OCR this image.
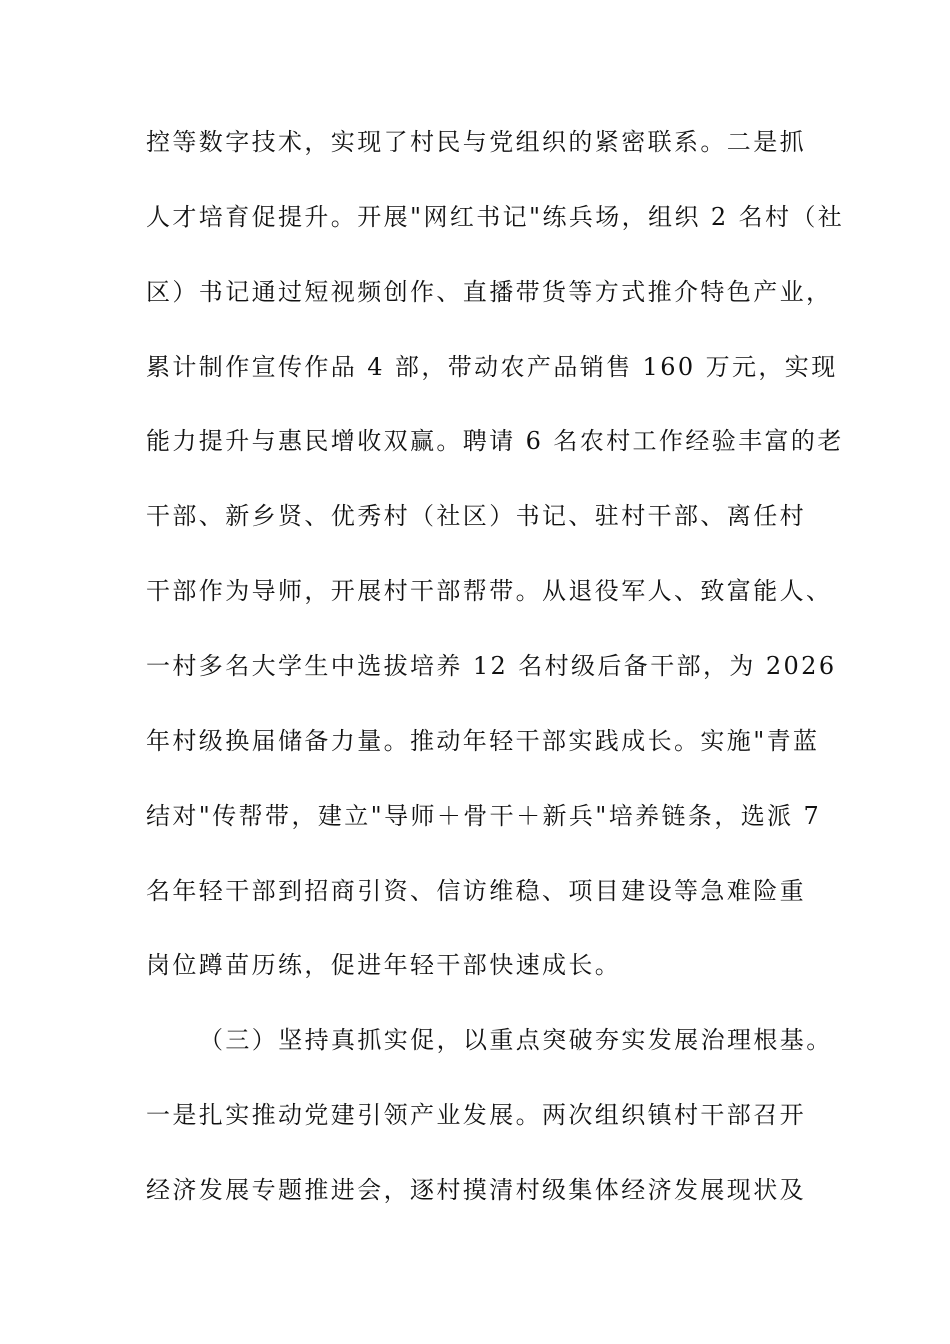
控等数字技术，实现了村民与党组织的紧密联系。二是抓
人才培育促提升。开展"网红书记"练兵场，组织 2 名村（社
区）书记通过短视频创作、直播带货等方式推介特色产业，
累计制作宣传作品 4 部，带动农产品销售 160 万元，实现
能力提升与惠民增收双赢。聘请 6 名农村工作经验丰富的老
干部、新乡贤、优秀村（社区）书记、驻村干部、离任村
干部作为导师，开展村干部帮带。从退役军人、致富能人、
一村多名大学生中选拔培养 12 名村级后备干部，为 2026
年村级换届储备力量。推动年轻干部实践成长。实施"青蓝
结对"传帮带，建立"导师＋骨干＋新兵"培养链条，选派 7
名年轻干部到招商引资、信访维稳、项目建设等急难险重
岗位蹲苗历练，促进年轻干部快速成长。
（三）坚持真抓实促，以重点突破夯实发展治理根基。
一是扎实推动党建引领产业发展。两次组织镇村干部召开
经济发展专题推进会，逐村摸清村级集体经济发展现状及
